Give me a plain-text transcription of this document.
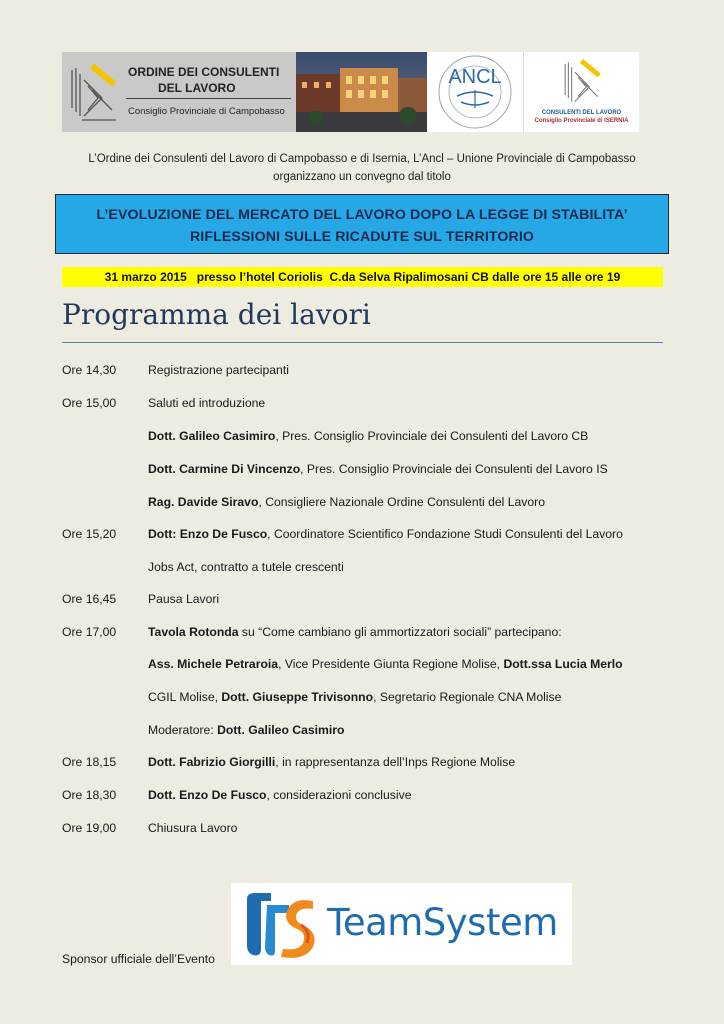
ORDINE DEI CONSULENTI
DEL LAVORO
Consiglio Provinciale di Campobasso
ANCL
CONSULENTI DEL LAVORO
Consiglio Provinciale di ISERNIA
L’Ordine dei Consulenti del Lavoro di Campobasso e di Isernia, L’Ancl – Unione Provinciale di Campobasso
organizzano un convegno dal titolo
L’EVOLUZIONE DEL MERCATO DEL LAVORO DOPO LA LEGGE DI STABILITA’
RIFLESSIONI SULLE RICADUTE SUL TERRITORIO
31 marzo 2015   presso l’hotel Coriolis  C.da Selva Ripalimosani CB dalle ore 15 alle ore 19
Programma dei lavori
Ore 14,30	Registrazione partecipanti
Ore 15,00	Saluti ed introduzione
Dott. Galileo Casimiro, Pres. Consiglio Provinciale dei Consulenti del Lavoro CB
Dott. Carmine Di Vincenzo, Pres. Consiglio Provinciale dei Consulenti del Lavoro IS
Rag. Davide Siravo, Consigliere Nazionale Ordine Consulenti del Lavoro
Ore 15,20	Dott: Enzo De Fusco, Coordinatore Scientifico Fondazione Studi Consulenti del Lavoro
Jobs Act, contratto a tutele crescenti
Ore 16,45	Pausa Lavori
Ore 17,00	Tavola Rotonda su “Come cambiano gli ammortizzatori sociali” partecipano:
Ass. Michele Petraroia, Vice Presidente Giunta Regione Molise, Dott.ssa Lucia Merlo
CGIL Molise, Dott. Giuseppe Trivisonno, Segretario Regionale CNA Molise
Moderatore: Dott. Galileo Casimiro
Ore 18,15	Dott. Fabrizio Giorgilli, in rappresentanza dell’Inps Regione Molise
Ore 18,30	Dott. Enzo De Fusco, considerazioni conclusive
Ore 19,00	Chiusura Lavoro
TeamSystem
Sponsor ufficiale dell’Evento
